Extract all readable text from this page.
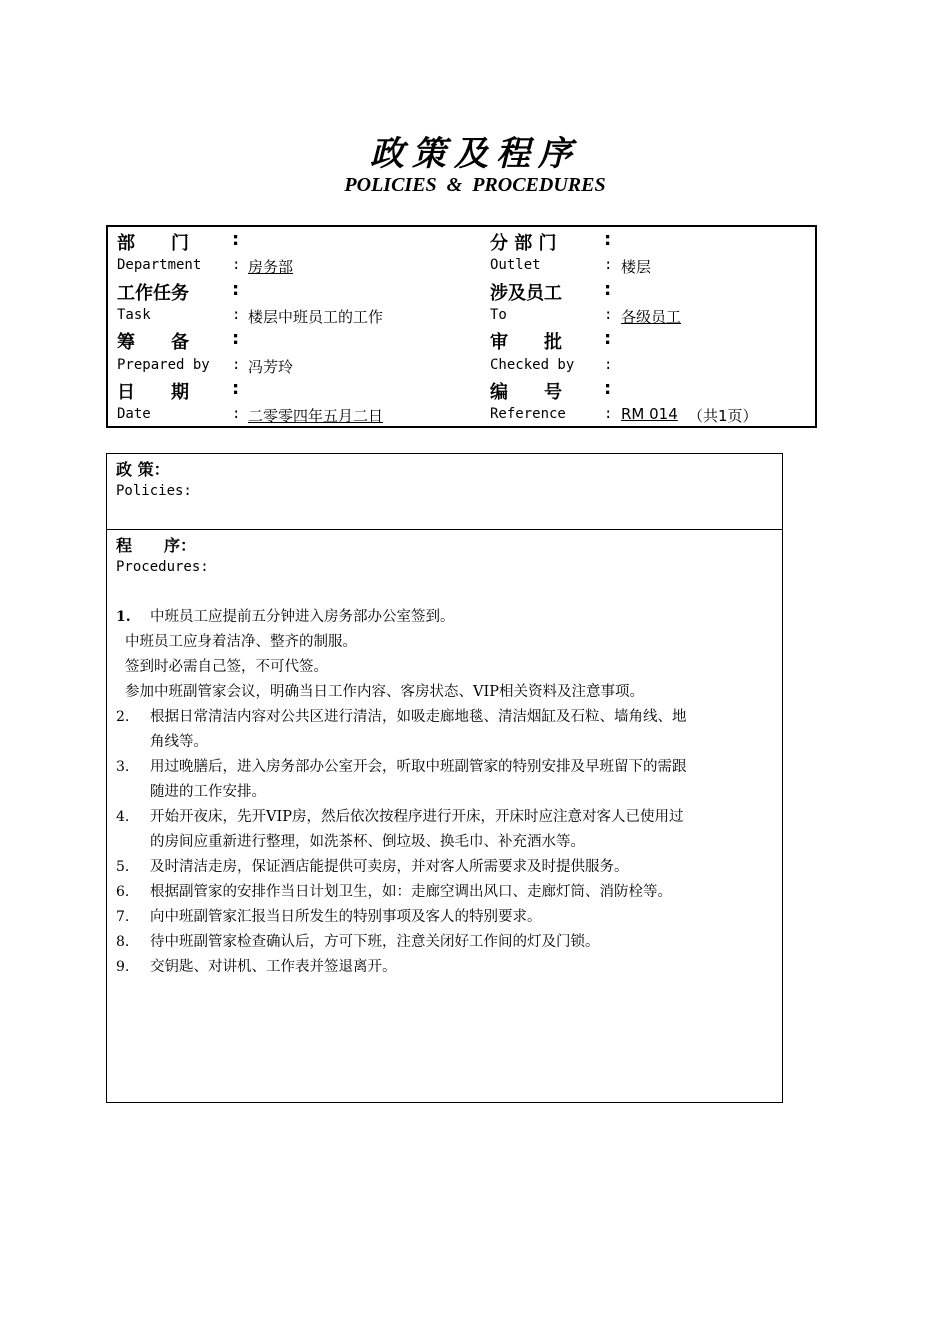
政策及程序
POLICIES  &  PROCEDURES
部　　门 :	分 部 门	:
Department : 房务部	Outlet	: 楼层
工作任务 :	涉及员工 :
Task	: 楼层中班员工的工作	To	: 各级员工
筹　　备 :	审　　批 :
Prepared by : 冯芳玲	Checked by :
日　　期 :	编　　号 :
Date	: 二零零四年五月二日	Reference	: RM 014 （共1页）
政 策：
Policies:
程　　序：
Procedures:
1. 中班员工应提前五分钟进入房务部办公室签到。
中班员工应身着洁净、整齐的制服。
签到时必需自己签，不可代签。
参加中班副管家会议，明确当日工作内容、客房状态、VIP相关资料及注意事项。
2. 根据日常清洁内容对公共区进行清洁，如吸走廊地毯、清洁烟缸及石粒、墙角线、地
角线等。
3. 用过晚膳后，进入房务部办公室开会，听取中班副管家的特别安排及早班留下的需跟
随进的工作安排。
4. 开始开夜床，先开VIP房，然后依次按程序进行开床，开床时应注意对客人已使用过
的房间应重新进行整理，如洗茶杯、倒垃圾、换毛巾、补充酒水等。
5. 及时清洁走房，保证酒店能提供可卖房，并对客人所需要求及时提供服务。
6. 根据副管家的安排作当日计划卫生，如：走廊空调出风口、走廊灯筒、消防栓等。
7. 向中班副管家汇报当日所发生的特别事项及客人的特别要求。
8. 待中班副管家检查确认后，方可下班，注意关闭好工作间的灯及门锁。
9. 交钥匙、对讲机、工作表并签退离开。
